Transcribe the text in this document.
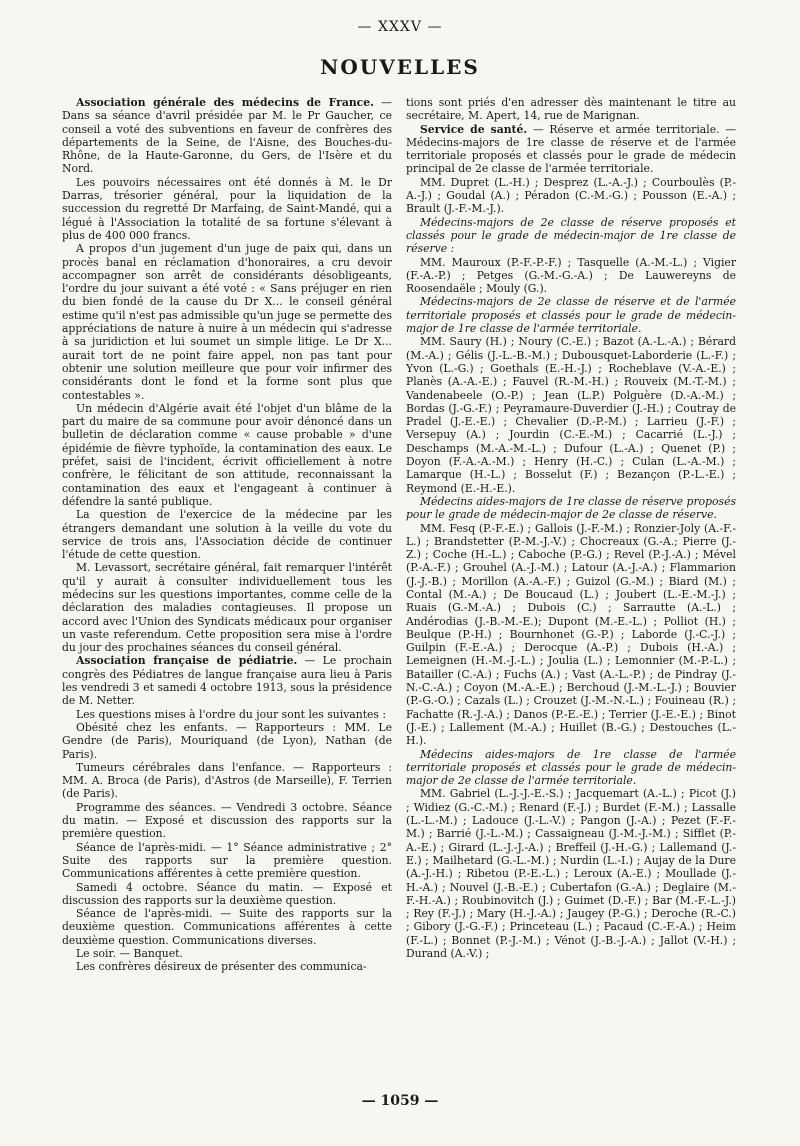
— XXXV —
NOUVELLES

Association générale des médecins de France. — Dans sa séance d'avril présidée par M. le Pr Gaucher, ce conseil a voté des subventions en faveur de confrères des départements de la Seine, de l'Aisne, des Bouches-du-Rhône, de la Haute-Garonne, du Gers, de l'Isère et du Nord.

Les pouvoirs nécessaires ont été donnés à M. le Dr Darras, trésorier général, pour la liquidation de la succession du regretté Dr Marfaing, de Saint-Mandé, qui a légué à l'Association la totalité de sa fortune s'élevant à plus de 400 000 francs.

A propos d'un jugement d'un juge de paix qui, dans un procès banal en réclamation d'honoraires, a cru devoir accompagner son arrêt de considérants désobligeants, l'ordre du jour suivant a été voté : « Sans préjuger en rien du bien fondé de la cause du Dr X... le conseil général estime qu'il n'est pas admissible qu'un juge se permette des appréciations de nature à nuire à un médecin qui s'adresse à sa juridiction et lui soumet un simple litige. Le Dr X... aurait tort de ne point faire appel, non pas tant pour obtenir une solution meilleure que pour voir infirmer des considérants dont le fond et la forme sont plus que contestables ».

Un médecin d'Algérie avait été l'objet d'un blâme de la part du maire de sa commune pour avoir dénoncé dans un bulletin de déclaration comme « cause probable » d'une épidémie de fièvre typhoïde, la contamination des eaux. Le préfet, saisi de l'incident, écrivit officiellement à notre confrère, le félicitant de son attitude, reconnaissant la contamination des eaux et l'engageant à continuer à défendre la santé publique.

La question de l'exercice de la médecine par les étrangers demandant une solution à la veille du vote du service de trois ans, l'Association décide de continuer l'étude de cette question.

M. Levassort, secrétaire général, fait remarquer l'intérêt qu'il y aurait à consulter individuellement tous les médecins sur les questions importantes, comme celle de la déclaration des maladies contagieuses. Il propose un accord avec l'Union des Syndicats médicaux pour organiser un vaste referendum. Cette proposition sera mise à l'ordre du jour des prochaines séances du conseil général.

Association française de pédiatrie. — Le prochain congrès des Pédiatres de langue française aura lieu à Paris les vendredi 3 et samedi 4 octobre 1913, sous la présidence de M. Netter.

Les questions mises à l'ordre du jour sont les suivantes :

Obésité chez les enfants. — Rapporteurs : MM. Le Gendre (de Paris), Mouriquand (de Lyon), Nathan (de Paris).

Tumeurs cérébrales dans l'enfance. — Rapporteurs : MM. A. Broca (de Paris), d'Astros (de Marseille), F. Terrien (de Paris).

Programme des séances. — Vendredi 3 octobre. Séance du matin. — Exposé et discussion des rapports sur la première question.

Séance de l'après-midi. — 1° Séance administrative ; 2° Suite des rapports sur la première question. Communications afférentes à cette première question.

Samedi 4 octobre. Séance du matin. — Exposé et discussion des rapports sur la deuxième question.

Séance de l'après-midi. — Suite des rapports sur la deuxième question. Communications afférentes à cette deuxième question. Communications diverses.

Le soir. — Banquet.

Les confrères désireux de présenter des communica-

tions sont priés d'en adresser dès maintenant le titre au secrétaire, M. Apert, 14, rue de Marignan.

Service de santé. — Réserve et armée territoriale. — Médecins-majors de 1re classe de réserve et de l'armée territoriale proposés et classés pour le grade de médecin principal de 2e classe de l'armée territoriale.

MM. Dupret (L.-H.) ; Desprez (L.-A.-J.) ; Courboulès (P.-A.-J.) ; Goudal (A.) ; Péradon (C.-M.-G.) ; Pousson (E.-A.) ; Brault (J.-F.-M.-J.).

Médecins-majors de 2e classe de réserve proposés et classés pour le grade de médecin-major de 1re classe de réserve :

MM. Mauroux (P.-F.-P.-F.) ; Tasquelle (A.-M.-L.) ; Vigier (F.-A.-P.) ; Petges (G.-M.-G.-A.) ; De Lauwereyns de Roosendaële ; Mouly (G.).

Médecins-majors de 2e classe de réserve et de l'armée territoriale proposés et classés pour le grade de médecin-major de 1re classe de l'armée territoriale.

MM. Saury (H.) ; Noury (C.-E.) ; Bazot (A.-L.-A.) ; Bérard (M.-A.) ; Gélis (J.-L.-B.-M.) ; Dubousquet-Laborderie (L.-F.) ; Yvon (L.-G.) ; Goethals (E.-H.-J.) ; Rocheblave (V.-A.-E.) ; Planès (A.-A.-E.) ; Fauvel (R.-M.-H.) ; Rouveix (M.-T.-M.) ; Vandenabeele (O.-P.) ; Jean (L.P.) Polguère (D.-A.-M.) ; Bordas (J.-G.-F.) ; Peyramaure-Duverdier (J.-H.) ; Coutray de Pradel (J.-E.-E.) ; Chevalier (D.-P.-M.) ; Larrieu (J.-F.) ; Versepuy (A.) ; Jourdin (C.-E.-M.) ; Cacarrié (L.-J.) ; Deschamps (M.-A.-M.-L.) ; Dufour (L.-A.) ; Quenet (P.) ; Doyon (F.-A.-A.-M.) ; Henry (H.-C.) ; Culan (L.-A.-M.) ; Lamarque (H.-L.) ; Bosselut (F.) ; Bezançon (P.-L.-E.) ; Reymond (E.-H.-E.).

Médecins aides-majors de 1re classe de réserve proposés pour le grade de médecin-major de 2e classe de réserve.

MM. Fesq (P.-F.-E.) ; Gallois (J.-F.-M.) ; Ronzier-Joly (A.-F.-L.) ; Brandstetter (P.-M.-J.-V.) ; Chocreaux (G.-A.; Pierre (J.-Z.) ; Coche (H.-L.) ; Caboche (P.-G.) ; Revel (P.-J.-A.) ; Mével (P.-A.-F.) ; Grouhel (A.-J.-M.) ; Latour (A.-J.-A.) ; Flammarion (J.-J.-B.) ; Morillon (A.-A.-F.) ; Guizol (G.-M.) ; Biard (M.) ; Contal (M.-A.) ; De Boucaud (L.) ; Joubert (L.-E.-M.-J.) ; Ruais (G.-M.-A.) ; Dubois (C.) ; Sarrautte (A.-L.) ; Andérodias (J.-B.-M.-E.); Dupont (M.-E.-L.) ; Polliot (H.) ; Beulque (P.-H.) ; Bournhonet (G.-P.) ; Laborde (J.-C.-J.) ; Guilpin (F.-E.-A.) ; Derocque (A.-P.) ; Dubois (H.-A.) ; Lemeignen (H.-M.-J.-L.) ; Joulia (L.) ; Lemonnier (M.-P.-L.) ; Batailler (C.-A.) ; Fuchs (A.) ; Vast (A.-L.-P.) ; de Pindray (J.-N.-C.-A.) ; Coyon (M.-A.-E.) ; Berchoud (J.-M.-L.-J.) ; Bouvier (P.-G.-O.) ; Cazals (L.) ; Crouzet (J.-M.-N.-L.) ; Fouineau (R.) ; Fachatte (R.-J.-A.) ; Danos (P.-E.-E.) ; Terrier (J.-E.-E.) ; Binot (J.-E.) ; Lallement (M.-A.) ; Huillet (B.-G.) ; Destouches (L.-H.).

Médecins aides-majors de 1re classe de l'armée territoriale proposés et classés pour le grade de médecin-major de 2e classe de l'armée territoriale.

MM. Gabriel (L.-J.-J.-E.-S.) ; Jacquemart (A.-L.) ; Picot (J.) ; Widiez (G.-C.-M.) ; Renard (F.-J.) ; Burdet (F.-M.) ; Lassalle (L.-L.-M.) ; Ladouce (J.-L.-V.) ; Pangon (J.-A.) ; Pezet (F.-F.-M.) ; Barrié (J.-L.-M.) ; Cassaigneau (J.-M.-J.-M.) ; Sifflet (P.-A.-E.) ; Girard (L.-J.-J.-A.) ; Breffeil (J.-H.-G.) ; Lallemand (J.-E.) ; Mailhetard (G.-L.-M.) ; Nurdin (L.-I.) ; Aujay de la Dure (A.-J.-H.) ; Ribetou (P.-E.-L.) ; Leroux (A.-E.) ; Moullade (J.-H.-A.) ; Nouvel (J.-B.-E.) ; Cubertafon (G.-A.) ; Deglaire (M.-F.-H.-A.) ; Roubinovitch (J.) ; Guimet (D.-F.) ; Bar (M.-F.-L.-J.) ; Rey (F.-J.) ; Mary (H.-J.-A.) ; Jaugey (P.-G.) ; Deroche (R.-C.) ; Gibory (J.-G.-F.) ; Princeteau (L.) ; Pacaud (C.-F.-A.) ; Heim (F.-L.) ; Bonnet (P.-J.-M.) ; Vénot (J.-B.-J.-A.) ; Jallot (V.-H.) ; Durand (A.-V.) ;

— 1059 —
